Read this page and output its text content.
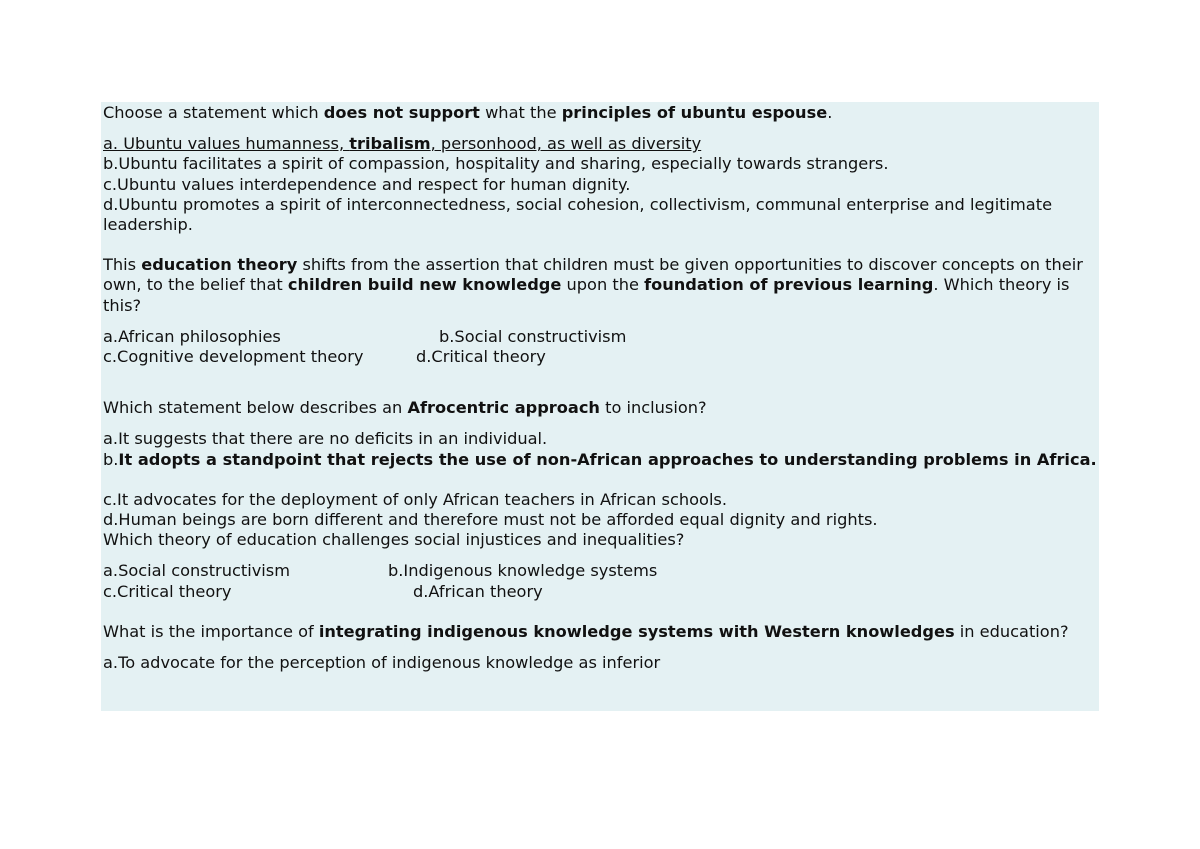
Choose a statement which does not support what the principles of ubuntu espouse.

a. Ubuntu values humanness, tribalism, personhood, as well as diversity

b.Ubuntu facilitates a spirit of compassion, hospitality and sharing, especially towards strangers.

c.Ubuntu values interdependence and respect for human dignity.

d.Ubuntu promotes a spirit of interconnectedness, social cohesion, collectivism, communal enterprise and legitimate leadership.

This education theory shifts from the assertion that children must be given opportunities to discover concepts on their own, to the belief that children build new knowledge upon the foundation of previous learning. Which theory is this?

a.African philosophies	b.Social constructivism
c.Cognitive development theory	d.Critical theory

Which statement below describes an Afrocentric approach to inclusion?

a.It suggests that there are no deficits in an individual.

b.It adopts a standpoint that rejects the use of non-African approaches to understanding problems in Africa.

c.It advocates for the deployment of only African teachers in African schools.

d.Human beings are born different and therefore must not be afforded equal dignity and rights.

Which theory of education challenges social injustices and inequalities?

a.Social constructivism	b.Indigenous knowledge systems
c.Critical theory	d.African theory

What is the importance of integrating indigenous knowledge systems with Western knowledges in education?

a.To advocate for the perception of indigenous knowledge as inferior
